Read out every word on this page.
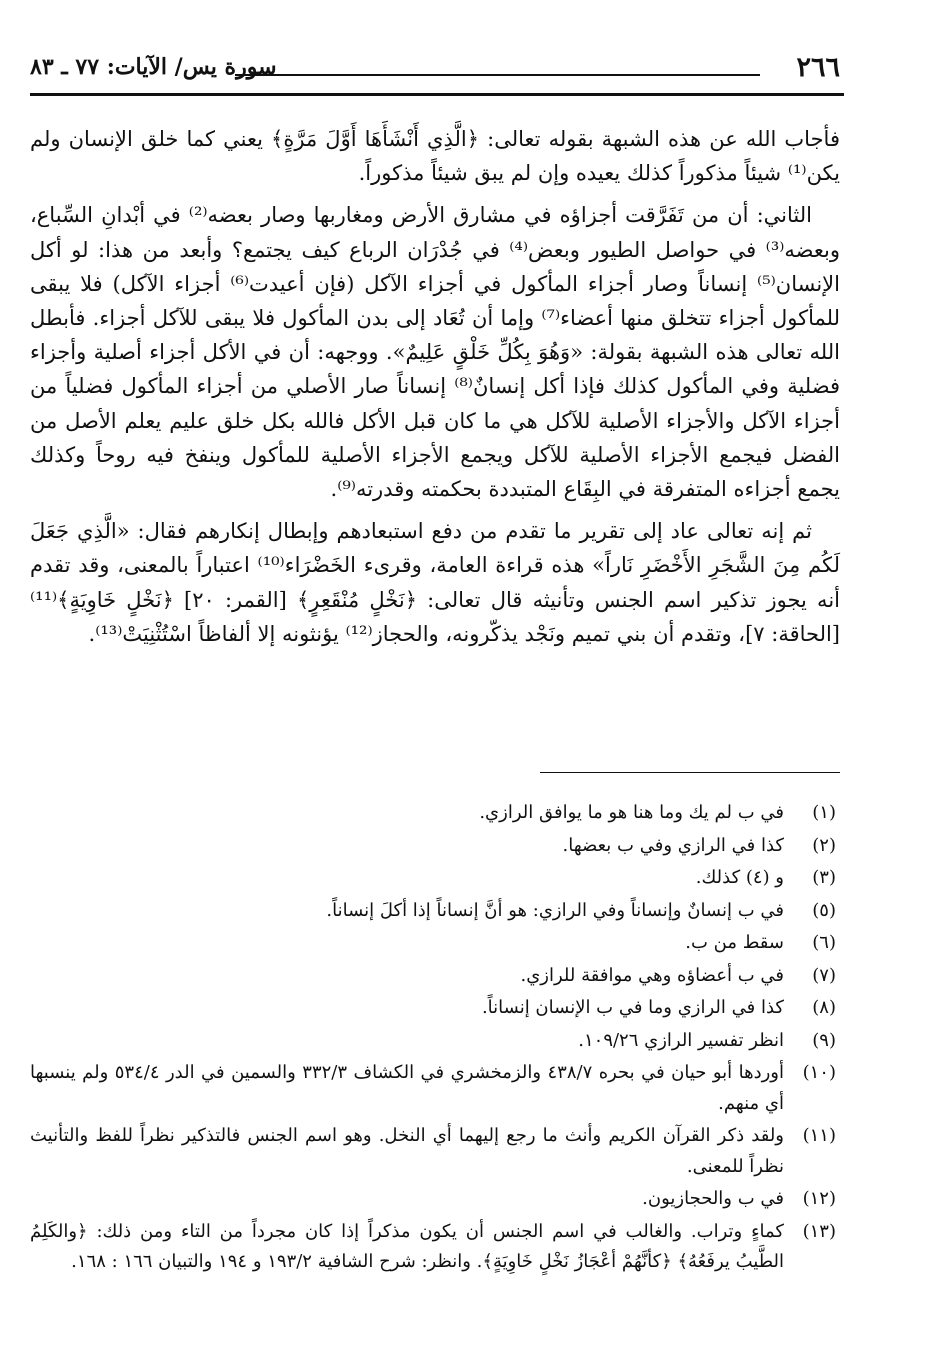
٢٦٦
سورة يس/ الآيات: ٧٧ ـ ٨٣

فأجاب الله عن هذه الشبهة بقوله تعالى: ﴿الَّذِي أَنْشَأَهَا أَوَّلَ مَرَّةٍ﴾ يعني كما خلق الإنسان ولم يكن⁽¹⁾ شيئاً مذكوراً كذلك يعيده وإن لم يبق شيئاً مذكوراً.

الثاني: أن من تَفَرَّقت أجزاؤه في مشارق الأرض ومغاربها وصار بعضه⁽²⁾ في أبْدانِ السِّباع، وبعضه⁽³⁾ في حواصل الطيور وبعض⁽⁴⁾ في جُدْرَان الرباع كيف يجتمع؟ وأبعد من هذا: لو أكل الإنسان⁽⁵⁾ إنساناً وصار أجزاء المأكول في أجزاء الآكل (فإن أعيدت⁽⁶⁾ أجزاء الآكل) فلا يبقى للمأكول أجزاء تتخلق منها أعضاء⁽⁷⁾ وإما أن تُعَاد إلى بدن المأكول فلا يبقى للآكل أجزاء. فأبطل الله تعالى هذه الشبهة بقولة: «وَهُوَ بِكُلِّ خَلْقٍ عَلِيمٌ». ووجهه: أن في الأكل أجزاء أصلية وأجزاء فضلية وفي المأكول كذلك فإذا أكل إنسانٌ⁽⁸⁾ إنساناً صار الأصلي من أجزاء المأكول فضلياً من أجزاء الآكل والأجزاء الأصلية للآكل هي ما كان قبل الأكل فالله بكل خلق عليم يعلم الأصل من الفضل فيجمع الأجزاء الأصلية للآكل ويجمع الأجزاء الأصلية للمأكول وينفخ فيه روحاً وكذلك يجمع أجزاءه المتفرقة في البِقَاع المتبددة بحكمته وقدرته⁽⁹⁾.

ثم إنه تعالى عاد إلى تقرير ما تقدم من دفع استبعادهم وإبطال إنكارهم فقال: «الَّذِي جَعَلَ لَكُم مِنَ الشَّجَرِ الأَخْضَرِ نَاراً» هذه قراءة العامة، وقرىء الخَضْرَاء⁽¹⁰⁾ اعتباراً بالمعنى، وقد تقدم أنه يجوز تذكير اسم الجنس وتأنيثه قال تعالى: ﴿نَخْلٍ مُنْقَعِرٍ﴾ [القمر: ٢٠] ﴿نَخْلٍ خَاوِيَةٍ﴾⁽¹¹⁾ [الحاقة: ٧]، وتقدم أن بني تميم ونَجْد يذكّرونه، والحجاز⁽¹²⁾ يؤنثونه إلا ألفاظاً اسْتُثْنِيَتْ⁽¹³⁾.

(١)
في ب لم يك وما هنا هو ما يوافق الرازي.
(٢)
كذا في الرازي وفي ب بعضها.
(٣)
و (٤) كذلك.
(٥)
في ب إنسانٌ وإنساناً وفي الرازي: هو أنَّ إنساناً إذا أكلَ إنساناً.
(٦)
سقط من ب.
(٧)
في ب أعضاؤه وهي موافقة للرازي.
(٨)
كذا في الرازي وما في ب الإنسان إنساناً.
(٩)
انظر تفسير الرازي ١٠٩/٢٦.
(١٠)
أوردها أبو حيان في بحره ٤٣٨/٧ والزمخشري في الكشاف ٣٣٢/٣ والسمين في الدر ٥٣٤/٤ ولم ينسبها أي منهم.
(١١)
ولقد ذكر القرآن الكريم وأنث ما رجع إليهما أي النخل. وهو اسم الجنس فالتذكير نظراً للفظ والتأنيث نظراً للمعنى.
(١٢)
في ب والحجازيون.
(١٣)
كماءٍ وتراب. والغالب في اسم الجنس أن يكون مذكراً إذا كان مجرداً من التاء ومن ذلك: ﴿والكَلِمُ الطَّيبُ يرفَعُهُ﴾ ﴿كأنَّهُمْ أعْجَازُ نَخْلٍ خَاوِيَةٍ﴾. وانظر: شرح الشافية ١٩٣/٢ و ١٩٤ والتبيان ١٦٦ : ١٦٨.
